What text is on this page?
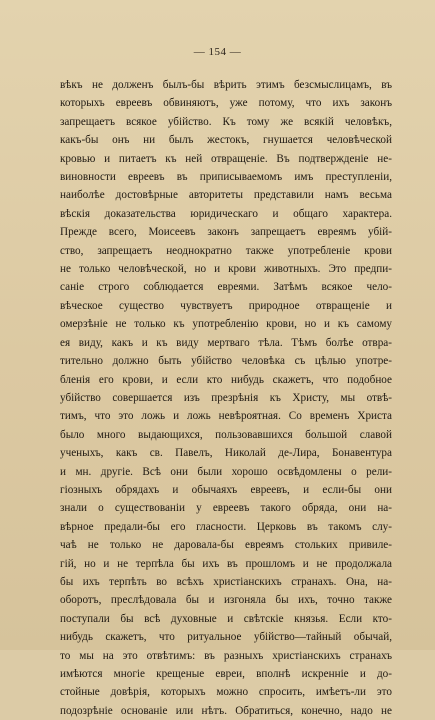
— 154 —
вѣкъ не долженъ былъ-бы вѣрить этимъ безсмыслицамъ, въ
которыхъ евреевъ обвиняютъ, уже потому, что ихъ законъ
запрещаетъ всякое убійство. Къ тому же всякій человѣкъ,
какъ-бы онъ ни былъ жестокъ, гнушается человѣческой
кровью и питаетъ къ ней отвращеніе. Въ подтвержденіе не-
виновности евреевъ въ приписываемомъ имъ преступленіи,
наиболѣе достовѣрные авторитеты представили намъ весьма
вѣскія доказательства юридическаго и общаго характера.
Прежде всего, Моисеевъ законъ запрещаетъ евреямъ убій-
ство, запрещаетъ неоднократно также употребленіе крови
не только человѣческой, но и крови животныхъ. Это предпи-
саніе строго соблюдается евреями. Затѣмъ всякое чело-
вѣческое существо чувствуетъ природное отвращеніе и
омерзѣніе не только къ употребленію крови, но и къ самому
ея виду, какъ и къ виду мертваго тѣла. Тѣмъ болѣе отвра-
тительно должно быть убійство человѣка съ цѣлью употре-
бленія его крови, и если кто нибудь скажетъ, что подобное
убійство совершается изъ презрѣнія къ Христу, мы отвѣ-
тимъ, что это ложь и ложь невѣроятная. Со временъ Христа
было много выдающихся, пользовавшихся большой славой
ученыхъ, какъ св. Павелъ, Николай де-Лира, Бонавентура
и мн. другіе. Всѣ они были хорошо освѣдомлены о рели-
гіозныхъ обрядахъ и обычаяхъ евреевъ, и если-бы они
знали о существованіи у евреевъ такого обряда, они на-
вѣрное предали-бы его гласности. Церковь въ такомъ слу-
чаѣ не только не даровала-бы евреямъ стольких привиле-
гій, но и не терпѣла бы ихъ въ прошломъ и не продолжала
бы ихъ терпѣть во всѣхъ христіанскихъ странахъ. Она, на-
оборотъ, преслѣдовала бы и изгоняла бы ихъ, точно также
поступали бы всѣ духовные и свѣтскіе князья. Если кто-
нибудь скажетъ, что ритуальное убійство—тайный обычай,
то мы на это отвѣтимъ: въ разныхъ христіанскихъ странахъ
имѣются многіе крещеные евреи, вполнѣ искренніе и до-
стойные довѣрія, которыхъ можно спросить, имѣетъ-ли это
подозрѣніе основаніе или нѣтъ. Обратиться, конечно, надо не
